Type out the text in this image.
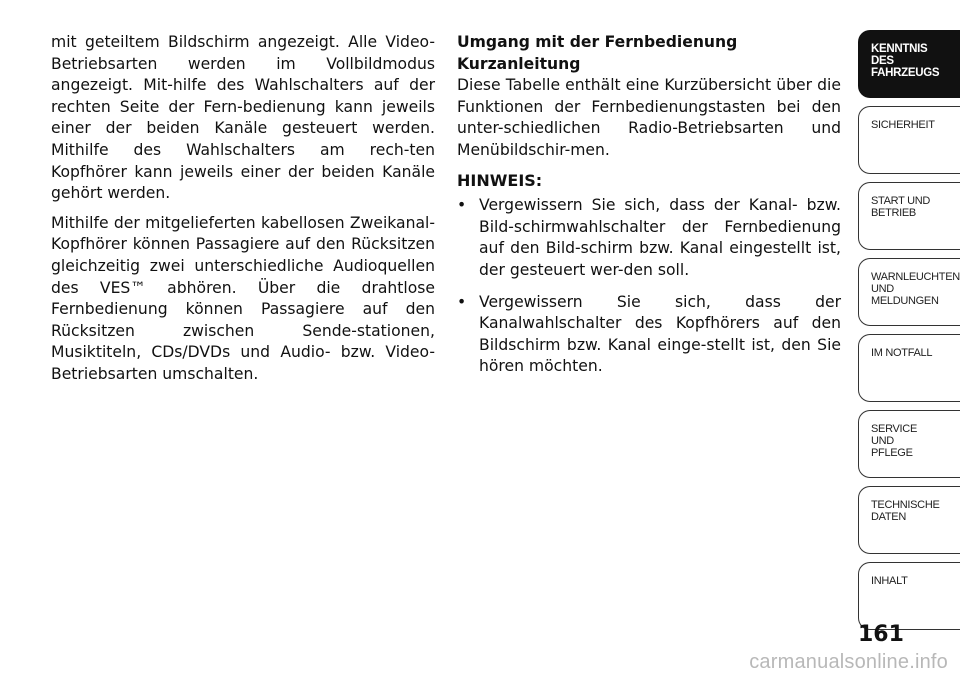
mit geteiltem Bildschirm angezeigt. Alle Video-Betriebsarten werden im Vollbildmodus angezeigt. Mit-hilfe des Wahlschalters auf der rechten Seite der Fern-bedienung kann jeweils einer der beiden Kanäle gesteuert werden. Mithilfe des Wahlschalters am rech-ten Kopfhörer kann jeweils einer der beiden Kanäle gehört werden.

Mithilfe der mitgelieferten kabellosen Zweikanal-Kopfhörer können Passagiere auf den Rücksitzen gleichzeitig zwei unterschiedliche Audioquellen des VES™ abhören. Über die drahtlose Fernbedienung können Passagiere auf den Rücksitzen zwischen Sende-stationen, Musiktiteln, CDs/DVDs und Audio- bzw. Video-Betriebsarten umschalten.

Umgang mit der Fernbedienung
Kurzanleitung

Diese Tabelle enthält eine Kurzübersicht über die Funktionen der Fernbedienungstasten bei den unter-schiedlichen Radio-Betriebsarten und Menübildschir-men.

HINWEIS:
• Vergewissern Sie sich, dass der Kanal- bzw. Bild-schirmwahlschalter der Fernbedienung auf den Bild-schirm bzw. Kanal eingestellt ist, der gesteuert wer-den soll.
• Vergewissern Sie sich, dass der Kanalwahlschalter des Kopfhörers auf den Bildschirm bzw. Kanal einge-stellt ist, den Sie hören möchten.
KENNTNIS
DES
FAHRZEUGS
SICHERHEIT
START UND
BETRIEB
WARNLEUCHTEN
UND
MELDUNGEN
IM NOTFALL
SERVICE
UND
PFLEGE
TECHNISCHE
DATEN
INHALT
161
carmanualsonline.info
